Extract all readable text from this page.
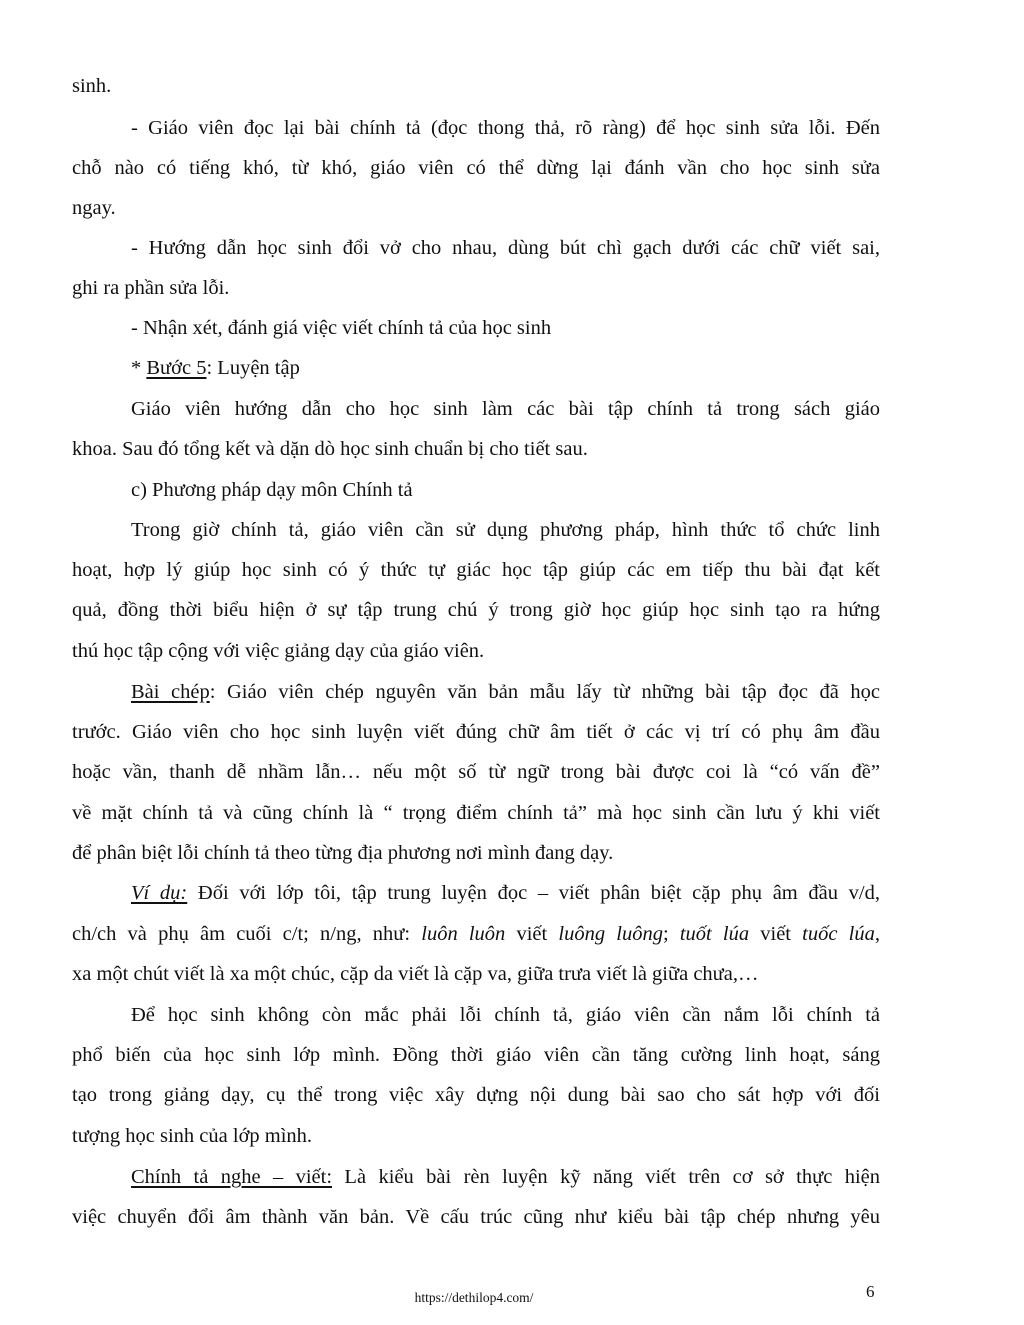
sinh.
- Giáo viên đọc lại bài chính tả (đọc thong thả, rõ ràng) để học sinh sửa lỗi. Đến
chỗ nào có tiếng khó, từ khó, giáo viên có thể dừng lại đánh vần cho học sinh sửa
ngay.
- Hướng dẫn học sinh đổi vở cho nhau, dùng bút chì gạch dưới các chữ viết sai,
ghi ra phần sửa lỗi.
- Nhận xét, đánh giá việc viết chính tả của học sinh
* Bước 5: Luyện tập
Giáo viên hướng dẫn cho học sinh làm các bài tập chính tả trong sách giáo
khoa. Sau đó tổng kết và dặn dò học sinh chuẩn bị cho tiết sau.
c) Phương pháp dạy môn Chính tả
Trong giờ chính tả, giáo viên cần sử dụng phương pháp, hình thức tổ chức linh
hoạt, hợp lý giúp học sinh có ý thức tự giác học tập giúp các em tiếp thu bài đạt kết
quả, đồng thời biểu hiện ở sự tập trung chú ý trong giờ học giúp học sinh tạo ra hứng
thú học tập cộng với việc giảng dạy của giáo viên.
Bài chép: Giáo viên chép nguyên văn bản mẫu lấy từ những bài tập đọc đã học
trước. Giáo viên cho học sinh luyện viết đúng chữ âm tiết ở các vị trí có phụ âm đầu
hoặc vần, thanh dễ nhầm lẫn… nếu một số từ ngữ trong bài được coi là “có vấn đề”
về mặt chính tả và cũng chính là “ trọng điểm chính tả” mà học sinh cần lưu ý khi viết
để phân biệt lỗi chính tả theo từng địa phương nơi mình đang dạy.
Ví dụ: Đối với lớp tôi, tập trung luyện đọc – viết phân biệt cặp phụ âm đầu v/d,
ch/ch và phụ âm cuối c/t; n/ng, như: luôn luôn viết luông luông; tuốt lúa viết tuốc lúa,
xa một chút viết là xa một chúc, cặp da viết là cặp va, giữa trưa viết là giữa chưa,…
Để học sinh không còn mắc phải lỗi chính tả, giáo viên cần nắm lỗi chính tả
phổ biến của học sinh lớp mình. Đồng thời giáo viên cần tăng cường linh hoạt, sáng
tạo trong giảng dạy, cụ thể trong việc xây dựng nội dung bài sao cho sát hợp với đối
tượng học sinh của lớp mình.
Chính tả nghe – viết: Là kiểu bài rèn luyện kỹ năng viết trên cơ sở thực hiện
việc chuyển đổi âm thành văn bản. Về cấu trúc cũng như kiểu bài tập chép nhưng yêu
6
https://dethilop4.com/
